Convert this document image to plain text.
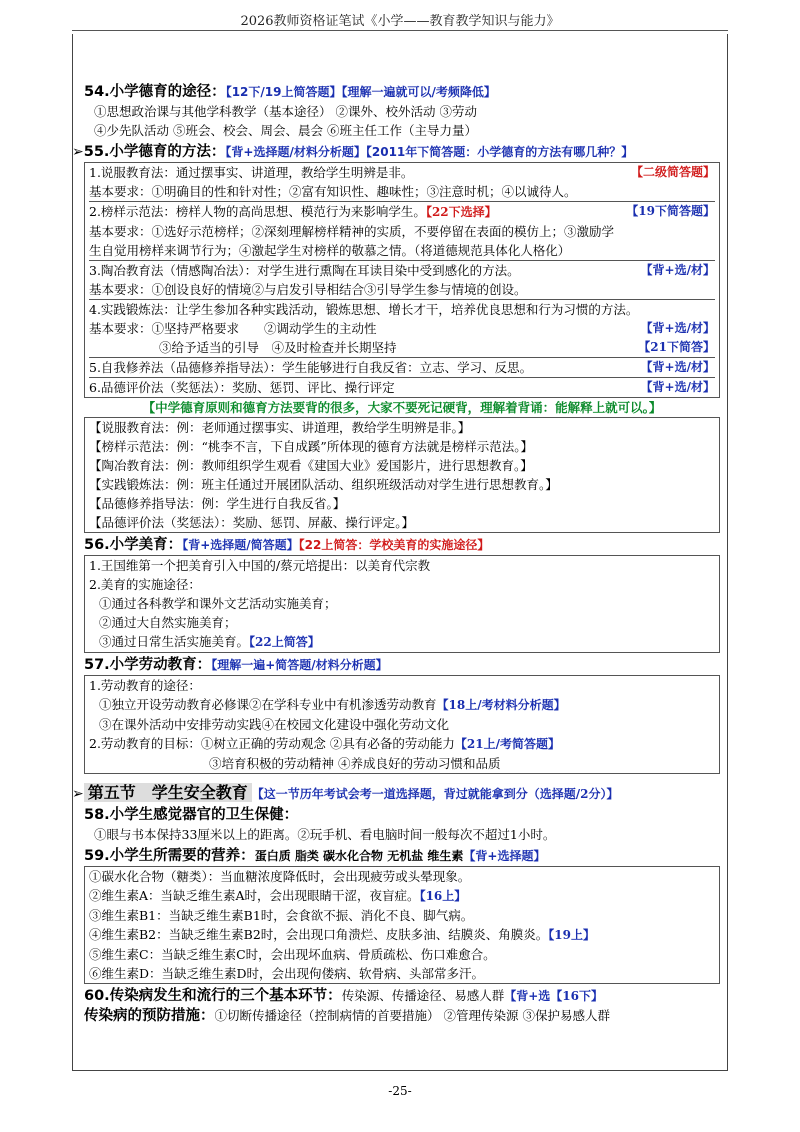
2026教师资格证笔试《小学——教育教学知识与能力》
54.小学德育的途径：【12下/19上简答题】【理解一遍就可以/考频降低】
①思想政治课与其他学科教学（基本途径） ②课外、校外活动 ③劳动
④少先队活动 ⑤班会、校会、周会、晨会 ⑥班主任工作（主导力量）
➢55.小学德育的方法：【背+选择题/材料分析题】【2011年下简答题：小学德育的方法有哪几种？】
1.说服教育法：通过摆事实、讲道理，教给学生明辨是非。	【二级简答题】
基本要求：①明确目的性和针对性；②富有知识性、趣味性；③注意时机；④以诚待人。
2.榜样示范法：榜样人物的高尚思想、模范行为来影响学生。【22下选择】	【19下简答题】
基本要求：①选好示范榜样；②深刻理解榜样精神的实质，不要停留在表面的模仿上；③激励学
生自觉用榜样来调节行为；④激起学生对榜样的敬慕之情。（将道德规范具体化人格化）
3.陶冶教育法（情感陶冶法）：对学生进行熏陶在耳读目染中受到感化的方法。	【背+选/材】
基本要求：①创设良好的情境②与启发引导相结合③引导学生参与情境的创设。
4.实践锻炼法：让学生参加各种实践活动，锻炼思想、增长才干，培养优良思想和行为习惯的方法。
基本要求：①坚持严格要求　　②调动学生的主动性	【背+选/材】
③给予适当的引导　④及时检查并长期坚持	【21下简答】
5.自我修养法（品德修养指导法）：学生能够进行自我反省：立志、学习、反思。	【背+选/材】
6.品德评价法（奖惩法）：奖励、惩罚、评比、操行评定	【背+选/材】
【中学德育原则和德育方法要背的很多，大家不要死记硬背，理解着背诵：能解释上就可以。】
【说服教育法：例：老师通过摆事实、讲道理，教给学生明辨是非。】
【榜样示范法：例：“桃李不言，下自成蹊”所体现的德育方法就是榜样示范法。】
【陶冶教育法：例：教师组织学生观看《建国大业》爱国影片，进行思想教育。】
【实践锻炼法：例：班主任通过开展团队活动、组织班级活动对学生进行思想教育。】
【品德修养指导法：例：学生进行自我反省。】
【品德评价法（奖惩法）：奖励、惩罚、屏蔽、操行评定。】
56.小学美育：【背+选择题/简答题】【22上简答：学校美育的实施途径】
1.王国维第一个把美育引入中国的/蔡元培提出：以美育代宗教
2.美育的实施途径：
①通过各科教学和课外文艺活动实施美育；
②通过大自然实施美育；
③通过日常生活实施美育。【22上简答】
57.小学劳动教育：【理解一遍+简答题/材料分析题】
1.劳动教育的途径：
①独立开设劳动教育必修课②在学科专业中有机渗透劳动教育【18上/考材料分析题】
③在课外活动中安排劳动实践④在校园文化建设中强化劳动文化
2.劳动教育的目标：①树立正确的劳动观念 ②具有必备的劳动能力【21上/考简答题】
③培育积极的劳动精神 ④养成良好的劳动习惯和品质
➢ 第五节　学生安全教育 【这一节历年考试会考一道选择题，背过就能拿到分（选择题/2分）】
58.小学生感觉器官的卫生保健：
①眼与书本保持33厘米以上的距离。②玩手机、看电脑时间一般每次不超过1小时。
59.小学生所需要的营养：蛋白质 脂类 碳水化合物 无机盐 维生素【背+选择题】
①碳水化合物（糖类）：当血糖浓度降低时，会出现疲劳或头晕现象。
②维生素A：当缺乏维生素A时，会出现眼睛干涩，夜盲症。【16上】
③维生素B1：当缺乏维生素B1时，会食欲不振、消化不良、脚气病。
④维生素B2：当缺乏维生素B2时，会出现口角溃烂、皮肤多油、结膜炎、角膜炎。【19上】
⑤维生素C：当缺乏维生素C时，会出现坏血病、骨质疏松、伤口难愈合。
⑥维生素D：当缺乏维生素D时，会出现佝偻病、软骨病、头部常多汗。
60.传染病发生和流行的三个基本环节：传染源、传播途径、易感人群【背+选【16下】
传染病的预防措施：①切断传播途径（控制病情的首要措施） ②管理传染源 ③保护易感人群
-25-
